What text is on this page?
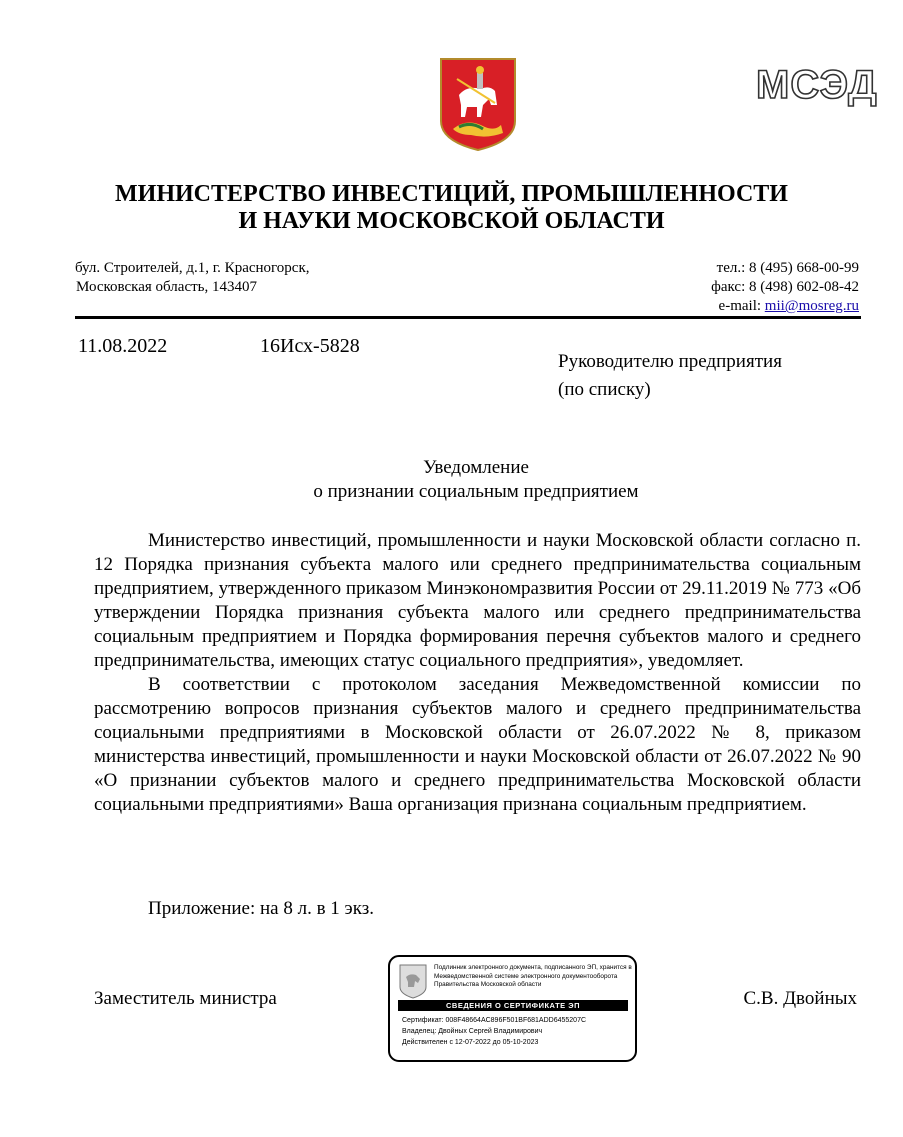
МСЭД
МИНИСТЕРСТВО ИНВЕСТИЦИЙ, ПРОМЫШЛЕННОСТИ
И НАУКИ МОСКОВСКОЙ ОБЛАСТИ
бул. Строителей, д.1, г. Красногорск,
Московская область, 143407
тел.: 8 (495) 668-00-99
факс: 8 (498) 602-08-42
e-mail: mii@mosreg.ru
11.08.2022	16Исх-5828
Руководителю предприятия
(по списку)
Уведомление
о признании социальным предприятием

Министерство инвестиций, промышленности и науки Московской области согласно п. 12 Порядка признания субъекта малого или среднего предпринимательства социальным предприятием, утвержденного приказом Минэкономразвития России от 29.11.2019 № 773 «Об утверждении Порядка признания субъекта малого или среднего предпринимательства социальным предприятием и Порядка формирования перечня субъектов малого и среднего предпринимательства, имеющих статус социального предприятия», уведомляет.

В соответствии с протоколом заседания Межведомственной комиссии по рассмотрению вопросов признания субъектов малого и среднего предпринимательства социальными предприятиями в Московской области от 26.07.2022 № 8, приказом министерства инвестиций, промышленности и науки Московской области от 26.07.2022 № 90 «О признании субъектов малого и среднего предпринимательства Московской области социальными предприятиями» Ваша организация признана социальным предприятием.

Приложение: на 8 л. в 1 экз.
Заместитель министра	С.В. Двойных
Подлинник электронного документа, подписанного ЭП, хранится в Межведомственной системе электронного документооборота Правительства Московской области
СВЕДЕНИЯ О СЕРТИФИКАТЕ ЭП
Сертификат: 008F48664AC896F501BF681ADD6455207C
Владелец: Двойных Сергей Владимирович
Действителен с 12-07-2022 до 05-10-2023
